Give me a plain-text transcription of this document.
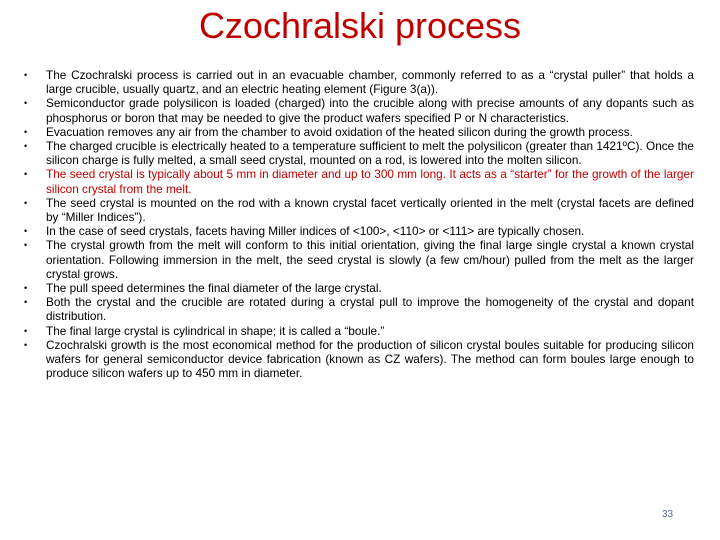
Czochralski process
•	The Czochralski process is carried out in an evacuable chamber, commonly referred to as a “crystal puller” that holds a large crucible, usually quartz, and an electric heating element (Figure 3(a)).
•	Semiconductor grade polysilicon is loaded (charged) into the crucible along with precise amounts of any dopants such as phosphorus or boron that may be needed to give the product wafers specified P or N characteristics.
•	Evacuation removes any air from the chamber to avoid oxidation of the heated silicon during the growth process.
•	The charged crucible is electrically heated to a temperature sufficient to melt the polysilicon (greater than 1421ºC). Once the silicon charge is fully melted, a small seed crystal, mounted on a rod, is lowered into the molten silicon.
•	The seed crystal is typically about 5 mm in diameter and up to 300 mm long. It acts as a “starter” for the growth of the larger silicon crystal from the melt.
•	The seed crystal is mounted on the rod with a known crystal facet vertically oriented in the melt (crystal facets are defined by “Miller Indices”).
•	In the case of seed crystals, facets having Miller indices of <100>, <110> or <111> are typically chosen.
•	The crystal growth from the melt will conform to this initial orientation, giving the final large single crystal a known crystal orientation. Following immersion in the melt, the seed crystal is slowly (a few cm/hour) pulled from the melt as the larger crystal grows.
•	The pull speed determines the final diameter of the large crystal.
•	Both the crystal and the crucible are rotated during a crystal pull to improve the homogeneity of the crystal and dopant distribution.
•	The final large crystal is cylindrical in shape; it is called a “boule.”
•	Czochralski growth is the most economical method for the production of silicon crystal boules suitable for producing silicon wafers for general semiconductor device fabrication (known as CZ wafers). The method can form boules large enough to produce silicon wafers up to 450 mm in diameter.
33
